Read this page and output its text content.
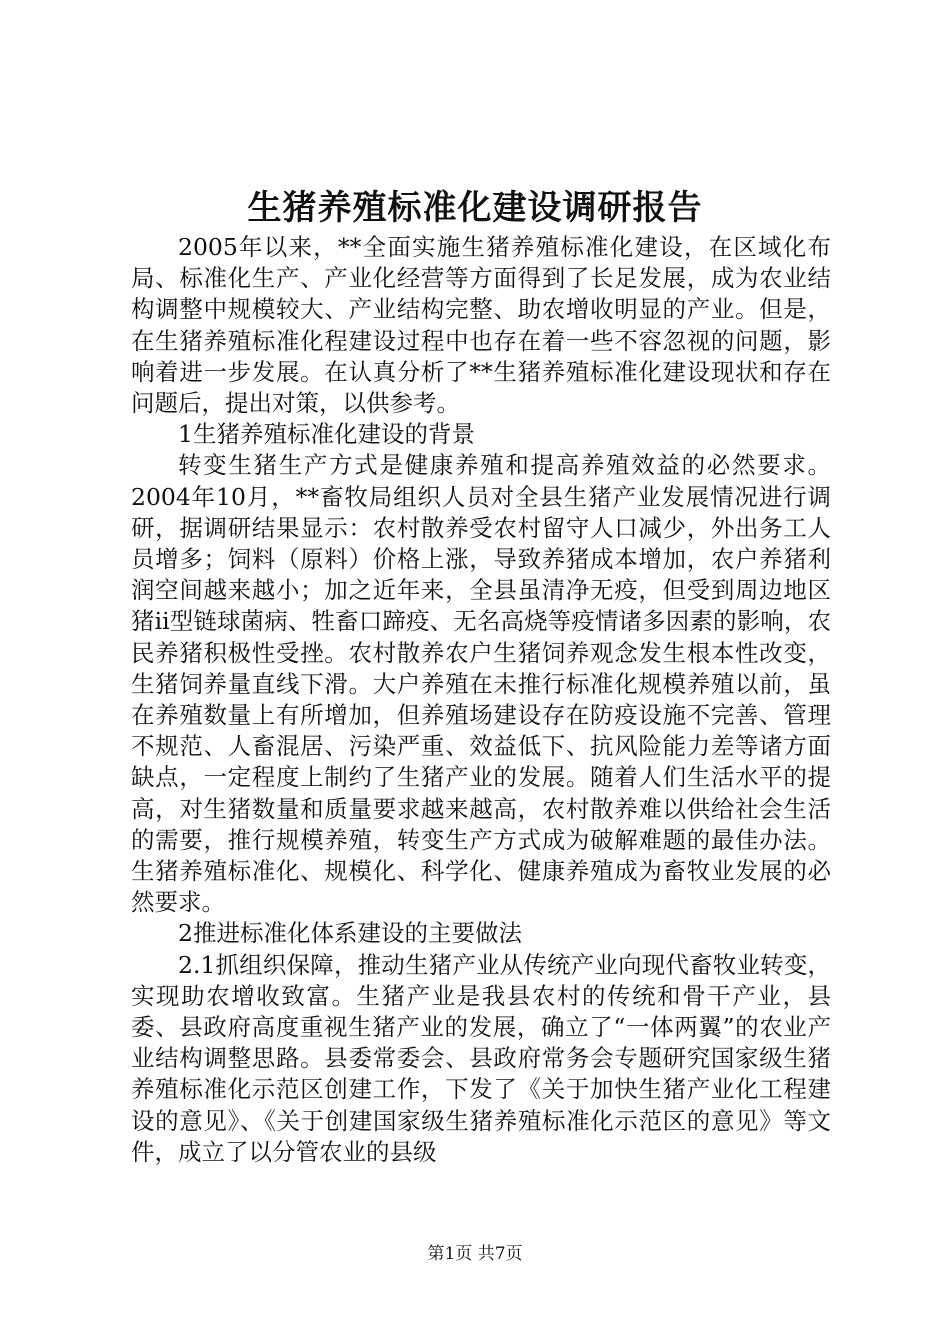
生猪养殖标准化建设调研报告

2005年以来，**全面实施生猪养殖标准化建设，在区域化布局、标准化生产、产业化经营等方面得到了长足发展，成为农业结构调整中规模较大、产业结构完整、助农增收明显的产业。但是，在生猪养殖标准化程建设过程中也存在着一些不容忽视的问题，影响着进一步发展。在认真分析了**生猪养殖标准化建设现状和存在问题后，提出对策，以供参考。

1生猪养殖标准化建设的背景

转变生猪生产方式是健康养殖和提高养殖效益的必然要求。2004年10月，**畜牧局组织人员对全县生猪产业发展情况进行调研，据调研结果显示：农村散养受农村留守人口减少，外出务工人员增多；饲料（原料）价格上涨，导致养猪成本增加，农户养猪利润空间越来越小；加之近年来，全县虽清净无疫，但受到周边地区猪ii型链球菌病、牲畜口蹄疫、无名高烧等疫情诸多因素的影响，农民养猪积极性受挫。农村散养农户生猪饲养观念发生根本性改变，生猪饲养量直线下滑。大户养殖在未推行标准化规模养殖以前，虽在养殖数量上有所增加，但养殖场建设存在防疫设施不完善、管理不规范、人畜混居、污染严重、效益低下、抗风险能力差等诸方面缺点，一定程度上制约了生猪产业的发展。随着人们生活水平的提高，对生猪数量和质量要求越来越高，农村散养难以供给社会生活的需要，推行规模养殖，转变生产方式成为破解难题的最佳办法。生猪养殖标准化、规模化、科学化、健康养殖成为畜牧业发展的必然要求。

2推进标准化体系建设的主要做法

2.1抓组织保障，推动生猪产业从传统产业向现代畜牧业转变，实现助农增收致富。生猪产业是我县农村的传统和骨干产业，县委、县政府高度重视生猪产业的发展，确立了“一体两翼”的农业产业结构调整思路。县委常委会、县政府常务会专题研究国家级生猪养殖标准化示范区创建工作，下发了《关于加快生猪产业化工程建设的意见》、《关于创建国家级生猪养殖标准化示范区的意见》等文件，成立了以分管农业的县级

第1页 共7页
